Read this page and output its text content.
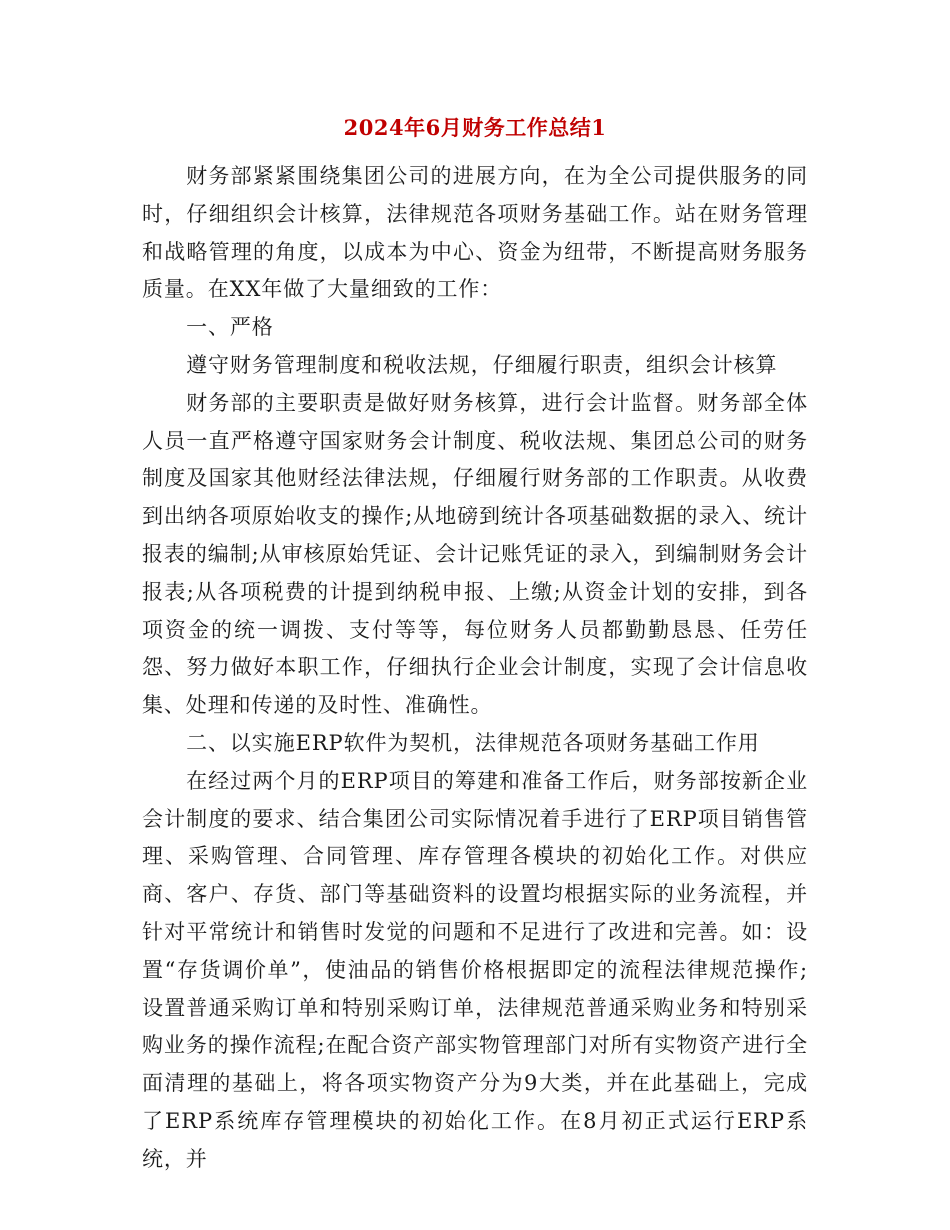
2024年6月财务工作总结1

财务部紧紧围绕集团公司的进展方向，在为全公司提供服务的同时，仔细组织会计核算，法律规范各项财务基础工作。站在财务管理和战略管理的角度，以成本为中心、资金为纽带，不断提高财务服务质量。在XX年做了大量细致的工作：

一、严格

遵守财务管理制度和税收法规，仔细履行职责，组织会计核算

财务部的主要职责是做好财务核算，进行会计监督。财务部全体人员一直严格遵守国家财务会计制度、税收法规、集团总公司的财务制度及国家其他财经法律法规，仔细履行财务部的工作职责。从收费到出纳各项原始收支的操作;从地磅到统计各项基础数据的录入、统计报表的编制;从审核原始凭证、会计记账凭证的录入，到编制财务会计报表;从各项税费的计提到纳税申报、上缴;从资金计划的安排，到各项资金的统一调拨、支付等等，每位财务人员都勤勤恳恳、任劳任怨、努力做好本职工作，仔细执行企业会计制度，实现了会计信息收集、处理和传递的及时性、准确性。

二、以实施ERP软件为契机，法律规范各项财务基础工作用

在经过两个月的ERP项目的筹建和准备工作后，财务部按新企业会计制度的要求、结合集团公司实际情况着手进行了ERP项目销售管理、采购管理、合同管理、库存管理各模块的初始化工作。对供应商、客户、存货、部门等基础资料的设置均根据实际的业务流程，并针对平常统计和销售时发觉的问题和不足进行了改进和完善。如：设置“存货调价单”，使油品的销售价格根据即定的流程法律规范操作;设置普通采购订单和特别采购订单，法律规范普通采购业务和特别采购业务的操作流程;在配合资产部实物管理部门对所有实物资产进行全面清理的基础上，将各项实物资产分为9大类，并在此基础上，完成了ERP系统库存管理模块的初始化工作。在8月初正式运行ERP系统，并
